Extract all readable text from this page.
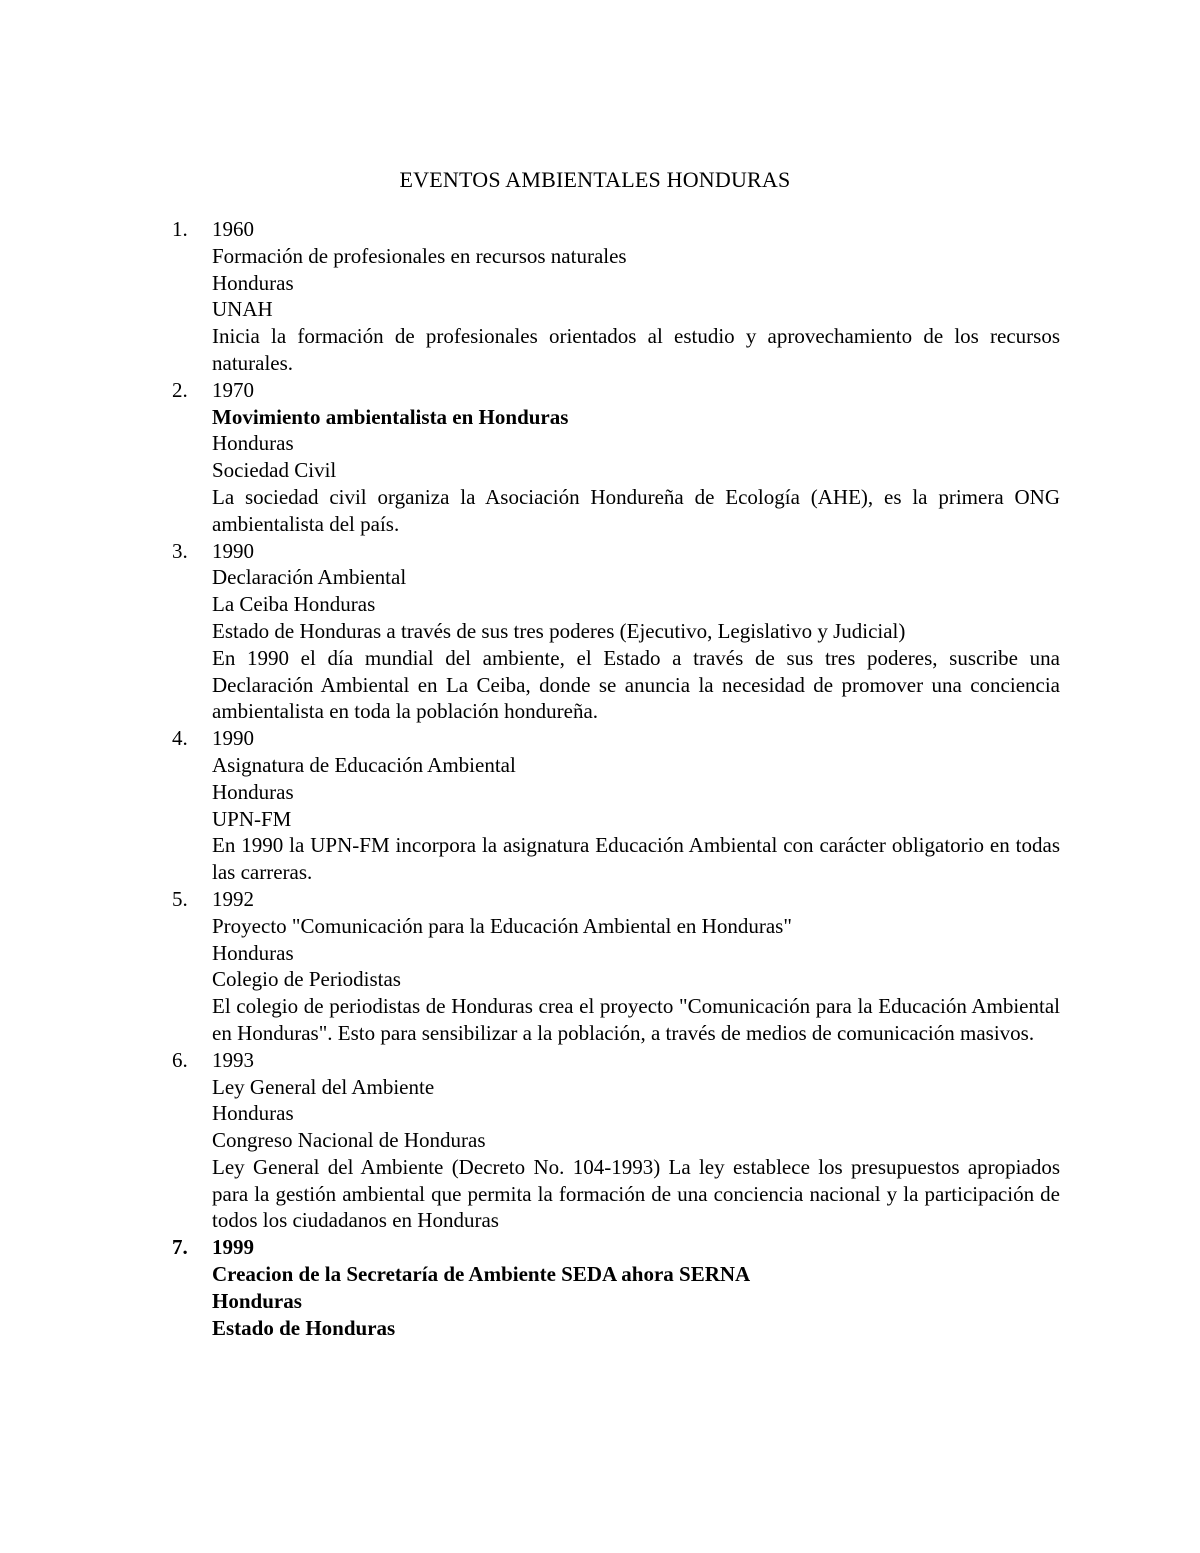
EVENTOS AMBIENTALES HONDURAS
1.	1960
Formación de profesionales en recursos naturales
Honduras
UNAH
Inicia la formación de profesionales orientados al estudio y aprovechamiento de los recursos naturales.
2.	1970
Movimiento ambientalista en Honduras
Honduras
Sociedad Civil
La sociedad civil organiza la Asociación Hondureña de Ecología (AHE), es la primera ONG ambientalista del país.
3.	1990
Declaración Ambiental
La Ceiba Honduras
Estado de Honduras a través de sus tres poderes (Ejecutivo, Legislativo y Judicial)
En 1990 el día mundial del ambiente, el Estado a través de sus tres poderes, suscribe una Declaración Ambiental en La Ceiba, donde se anuncia la necesidad de promover una conciencia ambientalista en toda la población hondureña.
4.	1990
Asignatura de Educación Ambiental
Honduras
UPN-FM
En 1990 la UPN-FM incorpora la asignatura Educación Ambiental con carácter obligatorio en todas las carreras.
5.	1992
Proyecto "Comunicación para la Educación Ambiental en Honduras"
Honduras
Colegio de Periodistas
El colegio de periodistas de Honduras crea el proyecto "Comunicación para la Educación Ambiental en Honduras". Esto para sensibilizar a la población, a través de medios de comunicación masivos.
6.	1993
Ley General del Ambiente
Honduras
Congreso Nacional de Honduras
Ley General del Ambiente (Decreto No. 104-1993) La ley establece los presupuestos apropiados para la gestión ambiental que permita la formación de una conciencia nacional y la participación de todos los ciudadanos en Honduras
7.	1999
Creacion de la Secretaría de Ambiente SEDA ahora SERNA
Honduras
Estado de Honduras
